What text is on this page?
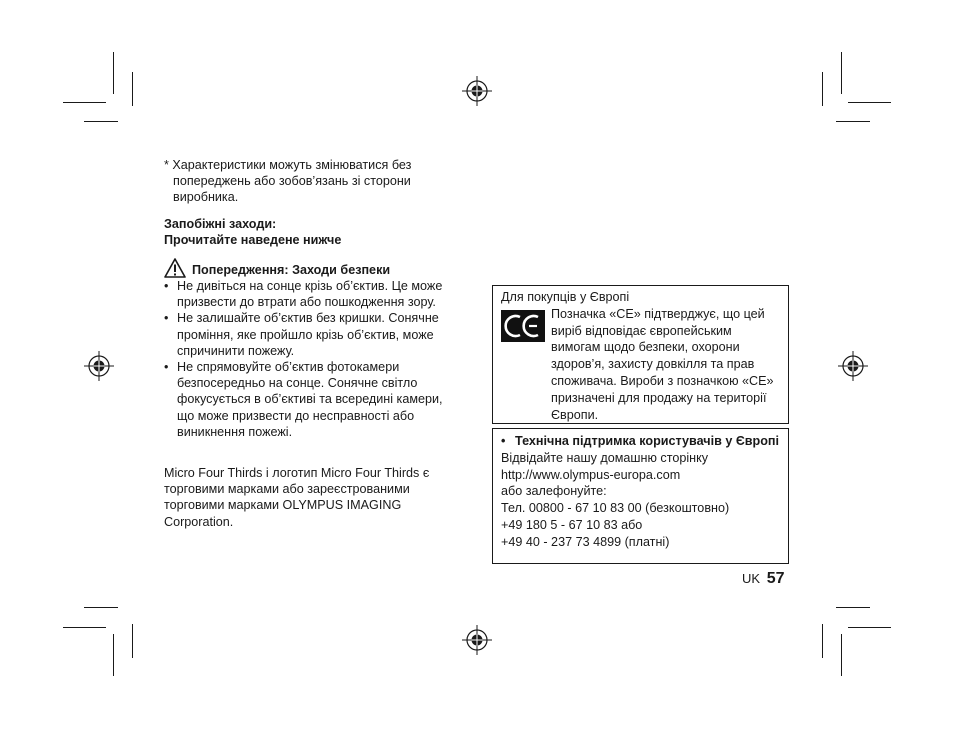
* Характеристики можуть змінюватися без попереджень або зобов’язань зі сторони виробника.

Запобіжні заходи:
Прочитайте наведене нижче
Попередження: Заходи безпеки
• Не дивіться на сонце крізь об’єктив. Це може призвести до втрати або пошкодження зору.
• Не залишайте об’єктив без кришки. Сонячне проміння, яке пройшло крізь об’єктив, може спричинити пожежу.
• Не спрямовуйте об’єктив фотокамери безпосередньо на сонце. Сонячне світло фокусується в об’єктиві та всередині камери, що може призвести до несправності або виникнення пожежі.

Micro Four Thirds і логотип Micro Four Thirds є торговими марками або зареєстрованими торговими марками OLYMPUS IMAGING Corporation.

Для покупців у Європі
Позначка «CE» підтверджує, що цей виріб відповідає європейським вимогам щодо безпеки, охорони здоров’я, захисту довкілля та прав споживача. Вироби з позначкою «CE» призначені для продажу на території Європи.
• Технічна підтримка користувачів у Європі
Відвідайте нашу домашню сторінку
http://www.olympus-europa.com
або залефонуйте:
Тел. 00800 - 67 10 83 00 (безкоштовно)
+49 180 5 - 67 10 83 або
+49 40 - 237 73 4899 (платні)
UK 57
